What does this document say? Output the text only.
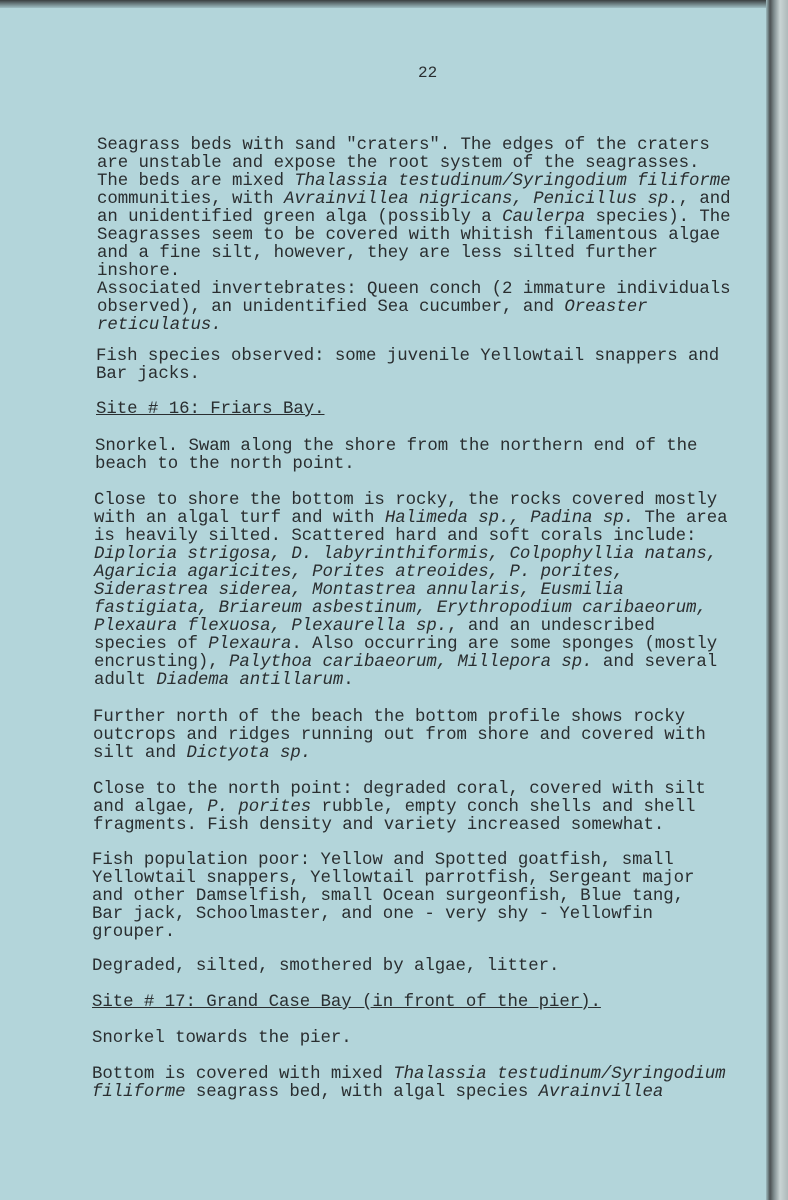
22
Seagrass beds with sand "craters". The edges of the craters
are unstable and expose the root system of the seagrasses.
The beds are mixed Thalassia testudinum/Syringodium filiforme
communities, with Avrainvillea nigricans, Penicillus sp., and
an unidentified green alga (possibly a Caulerpa species). The
Seagrasses seem to be covered with whitish filamentous algae
and a fine silt, however, they are less silted further
inshore.
Associated invertebrates: Queen conch (2 immature individuals
observed), an unidentified Sea cucumber, and Oreaster
reticulatus.
Fish species observed: some juvenile Yellowtail snappers and
Bar jacks.
Site # 16: Friars Bay.
Snorkel. Swam along the shore from the northern end of the
beach to the north point.
Close to shore the bottom is rocky, the rocks covered mostly
with an algal turf and with Halimeda sp., Padina sp. The area
is heavily silted. Scattered hard and soft corals include:
Diploria strigosa, D. labyrinthiformis, Colpophyllia natans,
Agaricia agaricites, Porites atreoides, P. porites,
Siderastrea siderea, Montastrea annularis, Eusmilia
fastigiata, Briareum asbestinum, Erythropodium caribaeorum,
Plexaura flexuosa, Plexaurella sp., and an undescribed
species of Plexaura. Also occurring are some sponges (mostly
encrusting), Palythoa caribaeorum, Millepora sp. and several
adult Diadema antillarum.
Further north of the beach the bottom profile shows rocky
outcrops and ridges running out from shore and covered with
silt and Dictyota sp.
Close to the north point: degraded coral, covered with silt
and algae, P. porites rubble, empty conch shells and shell
fragments. Fish density and variety increased somewhat.
Fish population poor: Yellow and Spotted goatfish, small
Yellowtail snappers, Yellowtail parrotfish, Sergeant major
and other Damselfish, small Ocean surgeonfish, Blue tang,
Bar jack, Schoolmaster, and one - very shy - Yellowfin
grouper.
Degraded, silted, smothered by algae, litter.
Site # 17: Grand Case Bay (in front of the pier).
Snorkel towards the pier.
Bottom is covered with mixed Thalassia testudinum/Syringodium
filiforme seagrass bed, with algal species Avrainvillea
